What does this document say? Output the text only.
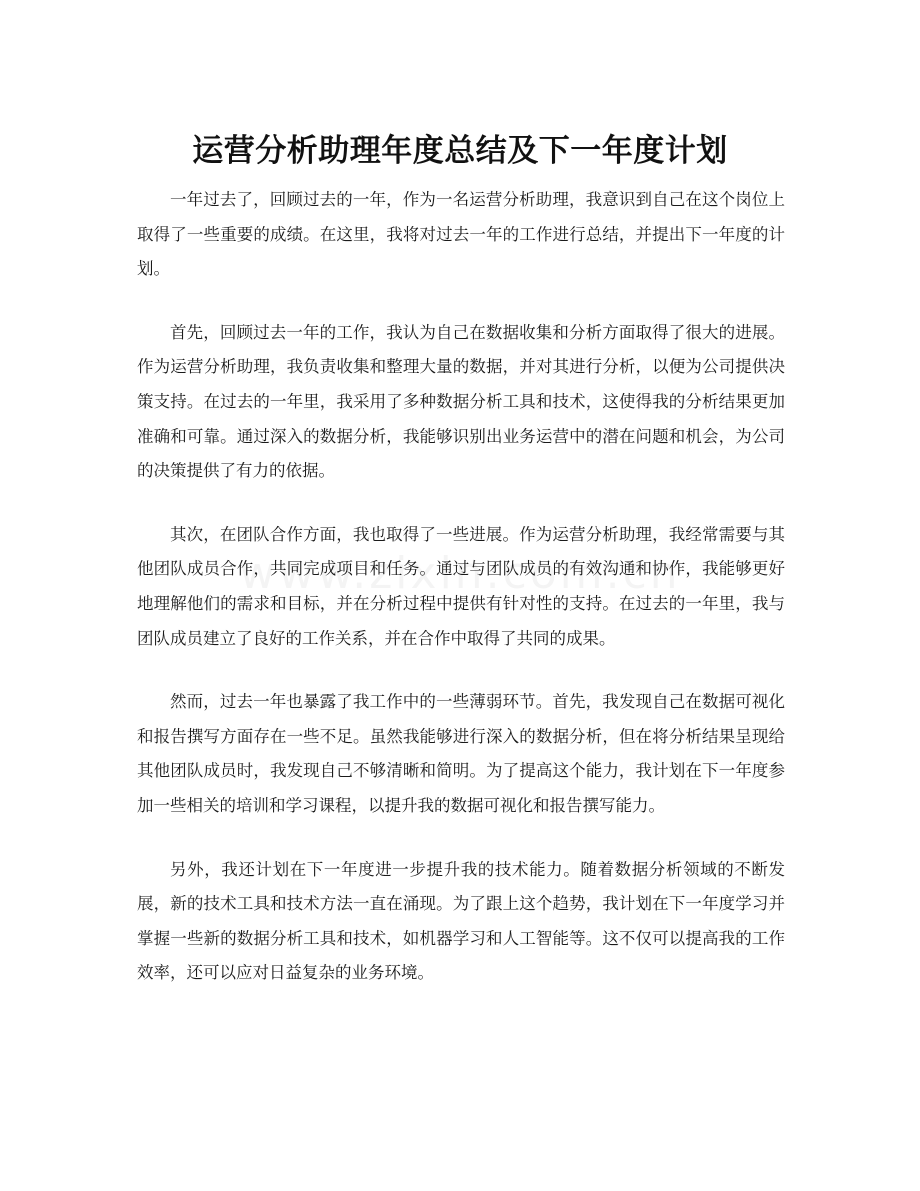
运营分析助理年度总结及下一年度计划

一年过去了，回顾过去的一年，作为一名运营分析助理，我意识到自己在这个岗位上取得了一些重要的成绩。在这里，我将对过去一年的工作进行总结，并提出下一年度的计划。

首先，回顾过去一年的工作，我认为自己在数据收集和分析方面取得了很大的进展。作为运营分析助理，我负责收集和整理大量的数据，并对其进行分析，以便为公司提供决策支持。在过去的一年里，我采用了多种数据分析工具和技术，这使得我的分析结果更加准确和可靠。通过深入的数据分析，我能够识别出业务运营中的潜在问题和机会，为公司的决策提供了有力的依据。

其次，在团队合作方面，我也取得了一些进展。作为运营分析助理，我经常需要与其他团队成员合作，共同完成项目和任务。通过与团队成员的有效沟通和协作，我能够更好地理解他们的需求和目标，并在分析过程中提供有针对性的支持。在过去的一年里，我与团队成员建立了良好的工作关系，并在合作中取得了共同的成果。

然而，过去一年也暴露了我工作中的一些薄弱环节。首先，我发现自己在数据可视化和报告撰写方面存在一些不足。虽然我能够进行深入的数据分析，但在将分析结果呈现给其他团队成员时，我发现自己不够清晰和简明。为了提高这个能力，我计划在下一年度参加一些相关的培训和学习课程，以提升我的数据可视化和报告撰写能力。

另外，我还计划在下一年度进一步提升我的技术能力。随着数据分析领域的不断发展，新的技术工具和技术方法一直在涌现。为了跟上这个趋势，我计划在下一年度学习并掌握一些新的数据分析工具和技术，如机器学习和人工智能等。这不仅可以提高我的工作效率，还可以应对日益复杂的业务环境。
